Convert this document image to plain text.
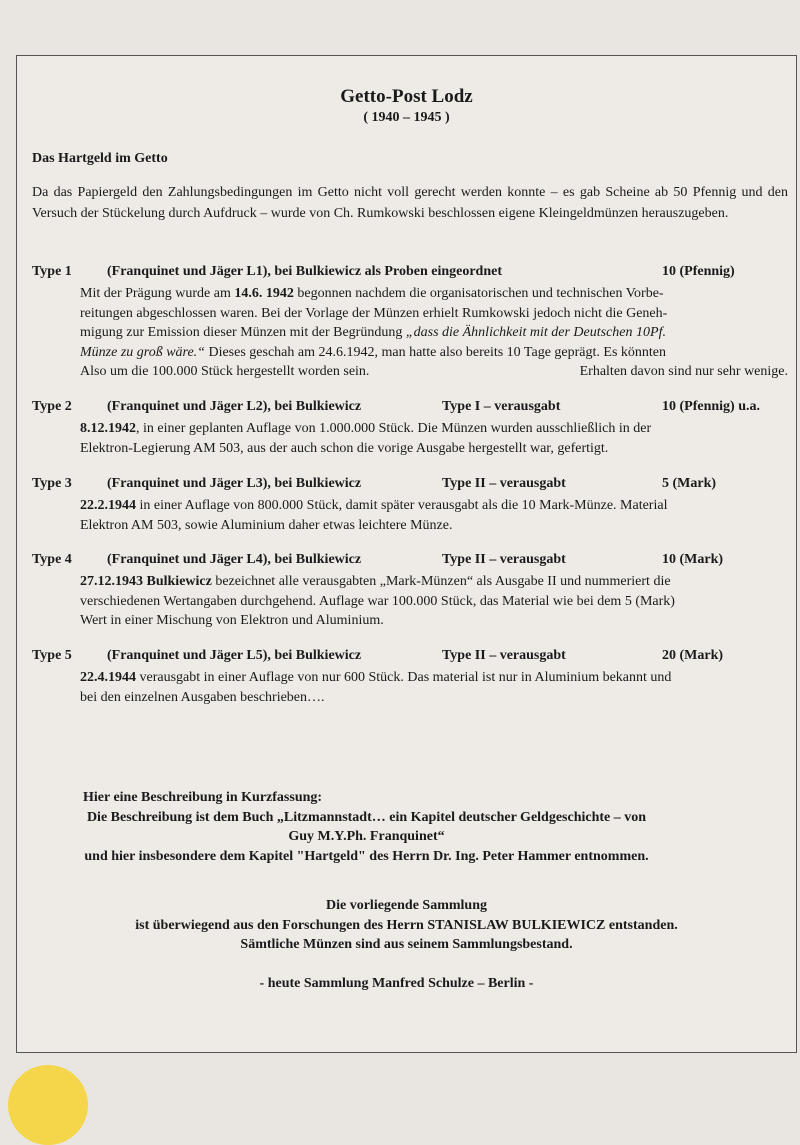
Getto-Post Lodz
( 1940 – 1945 )
Das Hartgeld im Getto
Da das Papiergeld den Zahlungsbedingungen im Getto nicht voll gerecht werden konnte – es gab Scheine ab 50 Pfennig und den Versuch der Stückelung durch Aufdruck – wurde von Ch. Rumkowski beschlossen eigene Kleingeldmünzen herauszugeben.
Type 1	(Franquinet und Jäger L1), bei Bulkiewicz als Proben eingeordnet	10 (Pfennig)
Mit der Prägung wurde am 14.6. 1942 begonnen nachdem die organisatorischen und technischen Vorbe-
reitungen abgeschlossen waren. Bei der Vorlage der Münzen erhielt Rumkowski jedoch nicht die Geneh-
migung zur Emission dieser Münzen mit der Begründung „dass die Ähnlichkeit mit der Deutschen 10Pf.
Münze zu groß wäre.“ Dieses geschah am 24.6.1942, man hatte also bereits 10 Tage geprägt. Es könnten
Also um die 100.000 Stück hergestellt worden sein.	Erhalten davon sind nur sehr wenige.
Type 2	(Franquinet und Jäger L2), bei Bulkiewicz	Type I – verausgabt	10 (Pfennig) u.a.
8.12.1942, in einer geplanten Auflage von 1.000.000 Stück. Die Münzen wurden ausschließlich in der
Elektron-Legierung AM 503, aus der auch schon die vorige Ausgabe hergestellt war, gefertigt.
Type 3	(Franquinet und Jäger L3), bei Bulkiewicz	Type II – verausgabt	5 (Mark)
22.2.1944 in einer Auflage von 800.000 Stück, damit später verausgabt als die 10 Mark-Münze. Material
Elektron AM 503, sowie Aluminium daher etwas leichtere Münze.
Type 4	(Franquinet und Jäger L4), bei Bulkiewicz	Type II – verausgabt	10 (Mark)
27.12.1943 Bulkiewicz bezeichnet alle verausgabten „Mark-Münzen“ als Ausgabe II und nummeriert die
verschiedenen Wertangaben durchgehend. Auflage war 100.000 Stück, das Material wie bei dem 5 (Mark)
Wert in einer Mischung von Elektron und Aluminium.
Type 5	(Franquinet und Jäger L5), bei Bulkiewicz	Type II – verausgabt	20 (Mark)
22.4.1944 verausgabt in einer Auflage von nur 600 Stück. Das material ist nur in Aluminium bekannt und
bei den einzelnen Ausgaben beschrieben….
Hier eine Beschreibung in Kurzfassung:
Die Beschreibung ist dem Buch „Litzmannstadt… ein Kapitel deutscher Geldgeschichte – von
Guy M.Y.Ph. Franquinet“
und hier insbesondere dem Kapitel "Hartgeld" des Herrn Dr. Ing. Peter Hammer entnommen.
Die vorliegende Sammlung
ist überwiegend aus den Forschungen des Herrn STANISLAW BULKIEWICZ entstanden.
Sämtliche Münzen sind aus seinem Sammlungsbestand.
- heute Sammlung Manfred Schulze – Berlin -
